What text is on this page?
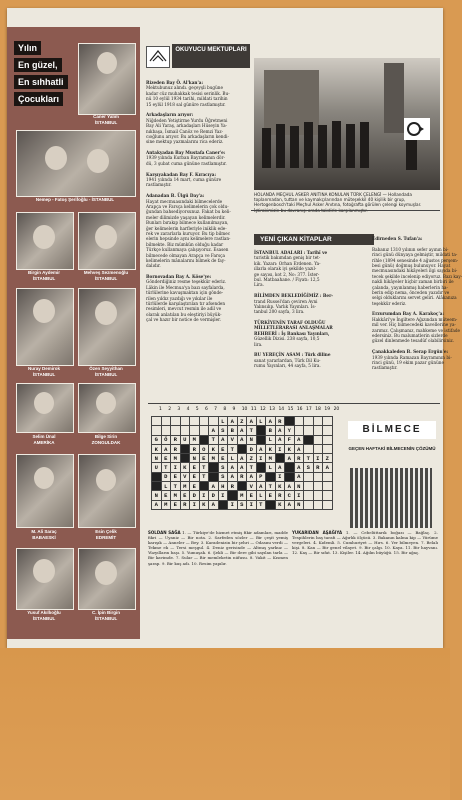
Yılın
En güzel,
En sıhhatli
Çocukları
Caner Yalım
İSTANBUL
Nemep - Fatoş Şerifoğlu - İSTANBUL
Birgin Aydemir
İSTANBUL
Mehveş Sezmenoğlu
İSTANBUL
Nuray Demirok
İSTANBUL
Özen Seyyithan
İSTANBUL
Selim Ünal
AMERİKA
Bilge Sirin
ZONGULDAK
M. Ali Saraç
BABAESKİ
Esin Çelik
EDREMİT
Yusuf Akıllıoğlu
İSTANBUL
C. İpin Birgin
İSTANBUL
OKUYUCU MEKTUPLARI
Rizeden Bay Ö. Al'kan'a:
Mektubunuz alındı. geçeyşli bugüne
kadar cüz muhakkak tesisi serinlik. Bu-
nü 10 eylül 1934 tarihi, mildati tarihin
15 eylül 1918 sal günüre rastlamıştır.
Arkadaşların arıyor:
Niğdeden Yetiştirme Yurdu Öğretmeni
Bay Ali Yaraş, arkadaşları Hüseyin Ya-
nıkbaşa, İsmail Canöz ve Remzi Yaz-
cıoğlunu arıyor. Bu arkadaşların kendi-
sine mektup yazmalarını rica ederiz.
Antakyadan Bay Mustafa Caner'e:
1939 yılında Kurban Bayramının dör-
dü, 3 şubat cuma gününe rastlamıştır.
Karşıyakadan Bay F. Kıracıya:
1941 yılında 14 mart, cuma günüre
rastlamıştır.
Adanadan B. Ülgü Day'a:
Hayat mecmuasındaki bilmecelerde
Arapça ve Farsça kelimelerin çok oldu-
ğundan bahsediyorsunuz. Fakat bu keli-
meler dilimizde yaşayan kelimelerdir.
Bunları bırakıp bilmece kullanılmayan,
ğer kelimelerin harfleriyle iniklik ede-
rek ve zararlarla kuruyor. Bu tip bilmec
elerin hepsinde aynı kelimelere rastlan-
bilmekte. Biz mümkün olduğu kadar
Türkçe kullanmaya çalışıyoruz. Esasen
bilmecede olmayan Arapça ve Farsça
kelimelerin mânalarını bilmek de fay-
dalıdır.
Bornovadan Bay A. Köse'ye:
Gönderdiğiniz resme teşekkür ederiz.
Lâkin ile Mecmua'ya bazı sayfalarda,
türlülerine kavuşmaktan için gönde-
rilen yıldız yazdığı ve yıkılar ile
türlülerde karşılaştırılan tır afsenden
resimleri, mevcut resmin ile adil ve
olarak anlatılan bu eleştiriyi büyük-
çal ve hazır bir notice de vermişler.
HOLANDA MEÇHUL ASKER ANITINA KONULAN TÜRK ÇELENGİ — Hollandada toplanmadan, tuttarı ve kaymakçılarından müteşekkil 40 kişilik bir grup, Hertogenbosch'taki Meçhul Asker Anıtına, fotoğrafta görülen çelengi koymuşlar.
YENİ ÇIKAN KİTAPLAR
İSTANBUL ADALARI : Tarihî ve
turistik bakımdan geniş bir tet-
kik. Yazarı: Orhan Erdenen. Ya-
ıllarla olarak iyi şekilde yazıl-
ge sayısı, kot 2, No: 377. İster-
bul. Matbaahane. / Fiyatı: 12,5
Lira.
BİLİMDEN BEKLEDİĞİMİZ : Ber-
trand Russel'dan çeviren Avni
Yalınsılıp. Varlık Yayınları. İs-
tanbul 200 sayfa, 3 lira.
TÜRKİYENİN TARAF OLDUĞU
MİLLETLERARASI ANLAŞMALAR
REHBERİ : İş Bankası Yayınları,
Güzellik Dizisi. 238 sayfa, 10,5
lira.
BU YEREÇİN ASAM : Türk diline
sanat yararlardan, Türk Dil Ku-
rumu Yayınları, 44 sayfa, 5 lira.
Edirneden S. Tufan'a:
Babanız 1310 yılının sefer ayının bi-
rinci günü dünyaya gelmiştir, mildati ta-
rihle (1894 senesinde 4 ağustos perşem-
besi günü) doğmuş bulunuyor. Hayat
mecmuasındaki hikâyeleri ilgi sayıda bi-
tecek şekilde incelenip ediyoruz. Bazı kay-
nakli hikâyeler hiçbir zaman birbiri ile
çalanda, yayınlanmış haberlerin ha-
berin edip nema, önceden yazıdır ve
selgi olduklarını servet geliri. Alâkanıza
teşekkür ederiz.
Erzurumdan Bay A. Karakoç'a:
Hakkâri'ye İngiltere Ağızından müteem-
mil ver. Hiç bilmecedeki kavellerine ya-
zarımız. Çalışmanız, mahkeme ve istifade
edersiniz. Bu malumatlerin sizlerde
güzel dinlenmede tesadüf olabilirsiniz.
Çanakkaleden B. Serap Ergün'e:
1939 yılında Ramazan Bayramının bi-
rinci günü, 19 ekim pazar gününe
rastlamıştır.
1 2 3 4 5 6 7 8 9 10 11 12 13 14 15 16 17 18 19 20
							L	A	Z	A	L	A	R					
						A	S	B	A	T		B	A	Y				
G	Ö	R	U	M		T	A	V	A	N		L	A	F	A			
K	A	R		R	O	K	E	T		D	A	K	I	K	A			
N	E	M		N	E	M	E	L	A	Z	I	M		A	R	T	I	Z
U	T	I	K	E	T		S	A	A	T		L	A		A	S	R	A
	D	E	V	E	T		S	A	R	A	P		I		A			
	L	T	M	E		A	H	R		V	A	T	K	A	N			
N	E	M	E	D	I	D	I		M	E	L	E	R	C	I			
A	M	E	R	I	K	A		I	S	I	T		K	A	N			
BİLMECE
GEÇEN HAFTAKİ BİLMECENİN ÇÖZÜMÜ
SOLDAN SAĞA 1. — Türkiye'de hizmet etmiş fikir adamları, madde fikri — Uyaniz — Bir nota. 2. Sarfeden sözler — Bir çeşit yemiş karışık — Anneler — Bey. 3. Karadenizin bir şehri — Odasını verdi — Tekme ek — Tersi meşgul. 4. Deniz gerisinde — Altmış yarkuz — Yüzyılların başı. 5. Yumuşak. 6. Şekli — Bir dere gibi sayılan tarla — Bir kavimde. 7. Sular — Bir memleketin nüfusu. 8. Vakit — Kısmen şarap. 9. Bir kuş adı. 10. Resim yapılır.
YUKARIDAN AŞAĞIYA 1. — Cebelüttarık boğazı — Bağlaç. 2. Tespihlerin baş tarafı — Ağırlık ölçüsü. 3. Bakanın kalma kip — Yürüme vergeleri. 4. Kıdemli. 5. Cumhuriyet — Hırs. 6. Yer bilmeyen. 7. Belalı kişi. 8. Kan — Bir genel vilayet. 9. Bir çalgı. 10. Kaya. 11. Bir hayvanı. 12. Kaş — Bir sıfat. 13. Kişiler. 14. Ağılın büyüğü. 15. Bir ağaç.
